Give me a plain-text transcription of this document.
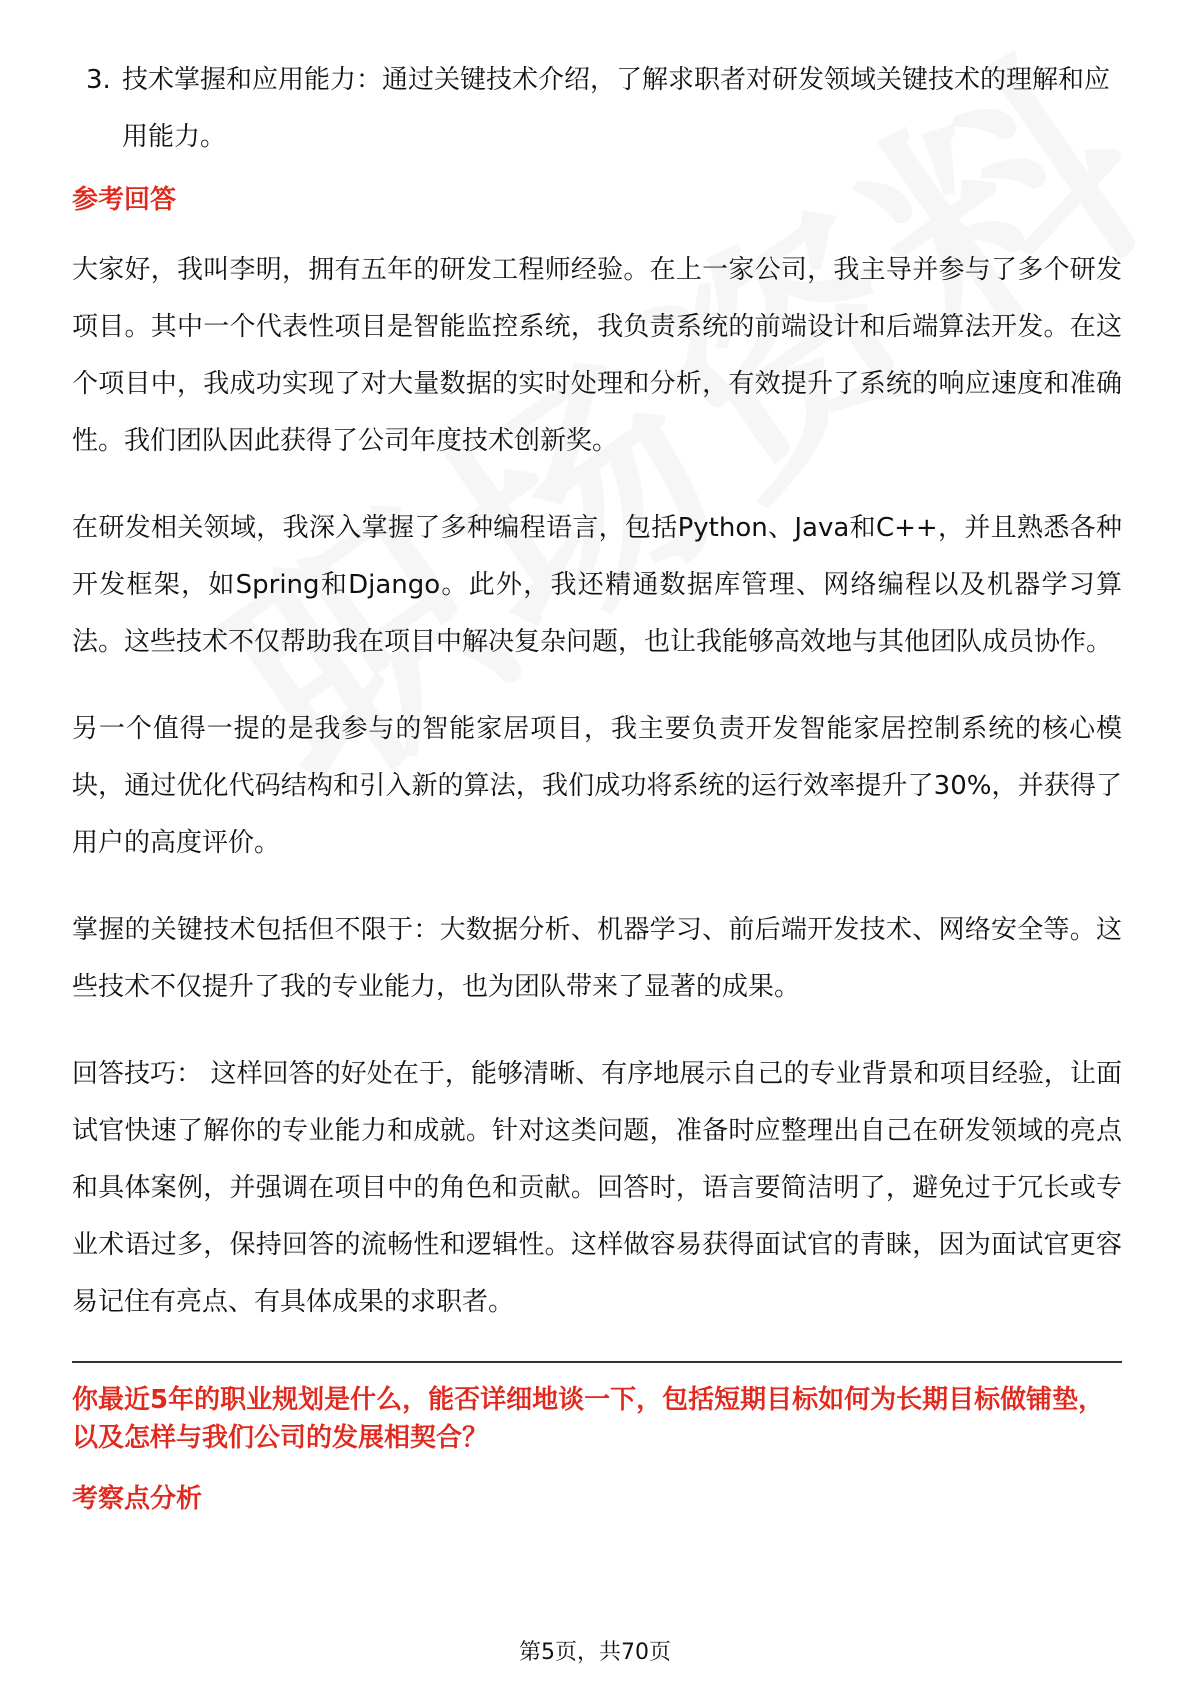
3. 技术掌握和应用能力：通过关键技术介绍，了解求职者对研发领域关键技术的理解和应用能力。
参考回答

大家好，我叫李明，拥有五年的研发工程师经验。在上一家公司，我主导并参与了多个研发项目。其中一个代表性项目是智能监控系统，我负责系统的前端设计和后端算法开发。在这个项目中，我成功实现了对大量数据的实时处理和分析，有效提升了系统的响应速度和准确性。我们团队因此获得了公司年度技术创新奖。

在研发相关领域，我深入掌握了多种编程语言，包括Python、Java和C++，并且熟悉各种开发框架，如Spring和Django。此外，我还精通数据库管理、网络编程以及机器学习算法。这些技术不仅帮助我在项目中解决复杂问题，也让我能够高效地与其他团队成员协作。

另一个值得一提的是我参与的智能家居项目，我主要负责开发智能家居控制系统的核心模块，通过优化代码结构和引入新的算法，我们成功将系统的运行效率提升了30%，并获得了用户的高度评价。

掌握的关键技术包括但不限于：大数据分析、机器学习、前后端开发技术、网络安全等。这些技术不仅提升了我的专业能力，也为团队带来了显著的成果。

回答技巧： 这样回答的好处在于，能够清晰、有序地展示自己的专业背景和项目经验，让面试官快速了解你的专业能力和成就。针对这类问题，准备时应整理出自己在研发领域的亮点和具体案例，并强调在项目中的角色和贡献。回答时，语言要简洁明了，避免过于冗长或专业术语过多，保持回答的流畅性和逻辑性。这样做容易获得面试官的青睐，因为面试官更容易记住有亮点、有具体成果的求职者。

你最近5年的职业规划是什么，能否详细地谈一下，包括短期目标如何为长期目标做铺垫，以及怎样与我们公司的发展相契合？
考察点分析
第5页，共70页
